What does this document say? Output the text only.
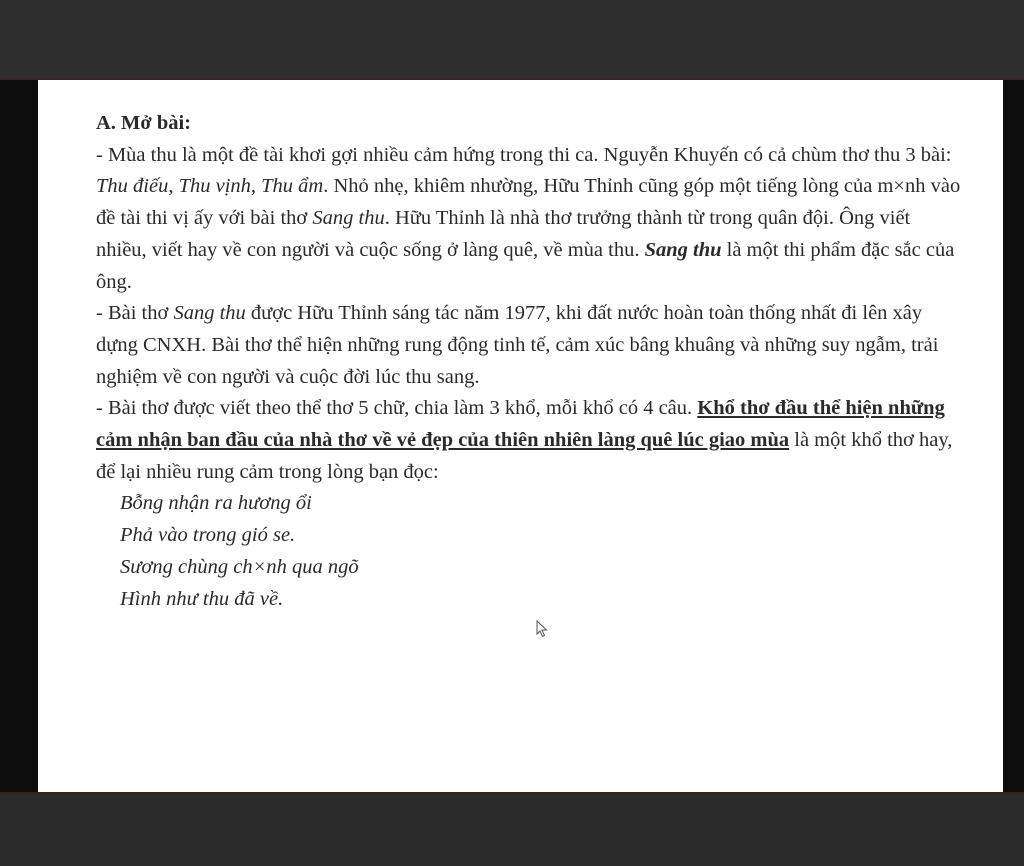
A. Mở bài:

- Mùa thu là một đề tài khơi gợi nhiều cảm hứng trong thi ca. Nguyễn Khuyến có cả chùm thơ thu 3 bài: Thu điếu, Thu vịnh, Thu ẩm. Nhỏ nhẹ, khiêm nhường, Hữu Thỉnh cũng góp một tiếng lòng của m×nh vào đề tài thi vị ấy với bài thơ Sang thu. Hữu Thỉnh là nhà thơ trưởng thành từ trong quân đội. Ông viết nhiều, viết hay về con người và cuộc sống ở làng quê, về mùa thu. Sang thu là một thi phẩm đặc sắc của ông.

- Bài thơ Sang thu được Hữu Thỉnh sáng tác năm 1977, khi đất nước hoàn toàn thống nhất đi lên xây dựng CNXH. Bài thơ thể hiện những rung động tinh tế, cảm xúc bâng khuâng và những suy ngẫm, trải nghiệm về con người và cuộc đời lúc thu sang.

- Bài thơ được viết theo thể thơ 5 chữ, chia làm 3 khổ, mỗi khổ có 4 câu. Khổ thơ đầu thể hiện những cảm nhận ban đầu của nhà thơ về vẻ đẹp của thiên nhiên làng quê lúc giao mùa là một khổ thơ hay, để lại nhiều rung cảm trong lòng bạn đọc:

Bỗng nhận ra hương ổi
Phả vào trong gió se.
Sương chùng ch×nh qua ngõ
Hình như thu đã về.
